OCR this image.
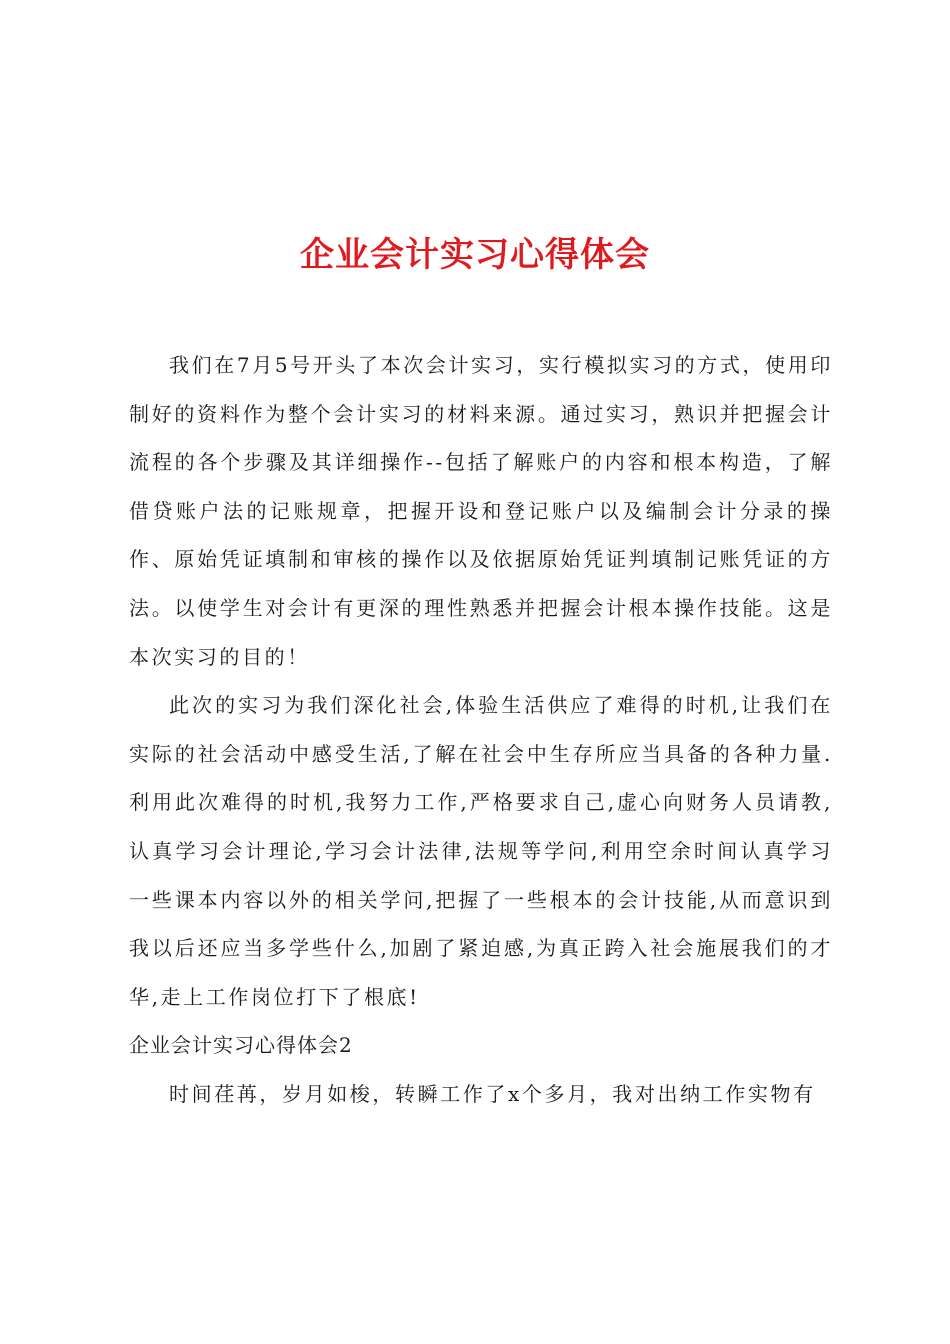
企业会计实习心得体会

我们在7月5号开头了本次会计实习，实行模拟实习的方式，使用印制好的资料作为整个会计实习的材料来源。通过实习，熟识并把握会计流程的各个步骤及其详细操作--包括了解账户的内容和根本构造，了解借贷账户法的记账规章，把握开设和登记账户以及编制会计分录的操作、原始凭证填制和审核的操作以及依据原始凭证判填制记账凭证的方法。以使学生对会计有更深的理性熟悉并把握会计根本操作技能。这是本次实习的目的！

此次的实习为我们深化社会,体验生活供应了难得的时机,让我们在实际的社会活动中感受生活,了解在社会中生存所应当具备的各种力量.利用此次难得的时机,我努力工作,严格要求自己,虚心向财务人员请教,认真学习会计理论,学习会计法律,法规等学问,利用空余时间认真学习一些课本内容以外的相关学问,把握了一些根本的会计技能,从而意识到我以后还应当多学些什么,加剧了紧迫感,为真正跨入社会施展我们的才华,走上工作岗位打下了根底!

企业会计实习心得体会2

时间荏苒，岁月如梭，转瞬工作了x个多月，我对出纳工作实物有
